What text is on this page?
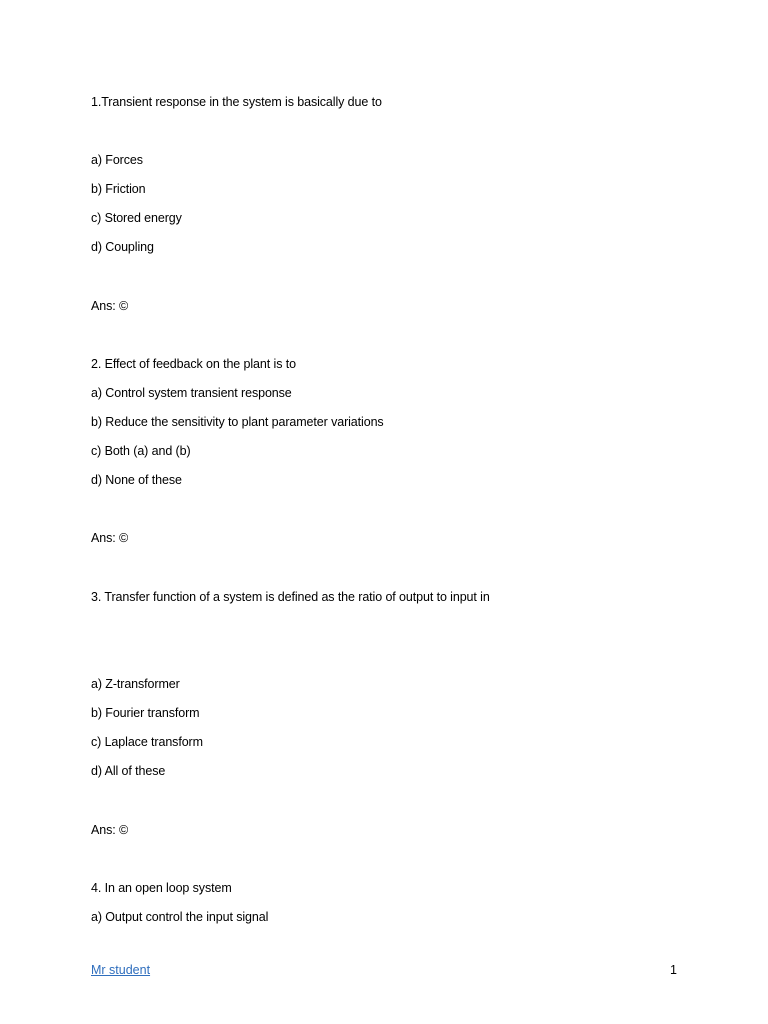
1.Transient response in the system is basically due to
a) Forces
b) Friction
c) Stored energy
d) Coupling
Ans: ©
2. Effect of feedback on the plant is to
a) Control system transient response
b) Reduce the sensitivity to plant parameter variations
c) Both (a) and (b)
d) None of these
Ans: ©
3. Transfer function of a system is defined as the ratio of output to input in
a) Z-transformer
b) Fourier transform
c) Laplace transform
d) All of these
Ans: ©
4. In an open loop system
a) Output control the input signal
Mr student	1
